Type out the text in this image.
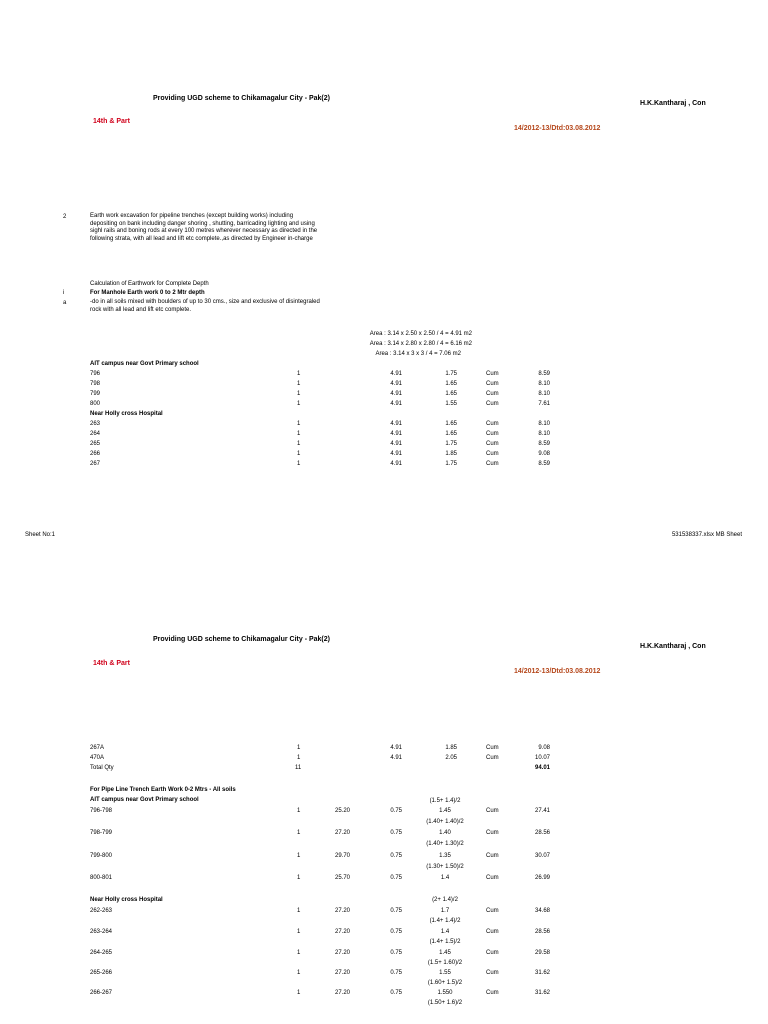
Providing UGD scheme to Chikamagalur City - Pak(2)
H.K.Kantharaj , Con
14th & Part
14/2012-13/Dtd:03.08.2012
2	Earth work excavation for pipeline trenches (except building works) including depositing on bank including danger shoring , shutting, barricading lighting and using sighl rails and boning rods at every 100 metres wherever necessary as directed in the following strata, with all lead and lift etc complete.,as directed by Engineer in-charge
Calculation of Earthwork for Complete Depth
i	For Manhole Earth work 0 to 2 Mtr depth
a	-do in all soils mixed with boulders of up to 30 cms., size and exclusive of disintegraled rock with all lead and lift etc complete.
Area : 3.14 x 2.50 x 2.50 / 4 = 4.91 m2
Area : 3.14 x 2.80 x 2.80 / 4 = 6.16 m2
Area : 3.14 x 3 x 3 / 4 = 7.06 m2
AIT campus near Govt Primary school
796	1	4.91	1.75	Cum	8.59
798	1	4.91	1.65	Cum	8.10
799	1	4.91	1.65	Cum	8.10
800	1	4.91	1.55	Cum	7.61
Near Holly cross Hospital
263	1	4.91	1.65	Cum	8.10
264	1	4.91	1.65	Cum	8.10
265	1	4.91	1.75	Cum	8.59
266	1	4.91	1.85	Cum	9.08
267	1	4.91	1.75	Cum	8.59
Sheet No:1	531538337.xlsx MB Sheet
Providing UGD scheme to Chikamagalur City - Pak(2)
H.K.Kantharaj , Con
14th & Part
14/2012-13/Dtd:03.08.2012
267A	1	4.91	1.85	Cum	9.08
470A	1	4.91	2.05	Cum	10.07
Total Qty	11	94.01
For Pipe Line Trench Earth Work 0-2 Mtrs - All soils
AIT campus near Govt Primary school	(1.5+ 1.4)/2
796-798	1	25.20	0.75	1.45	Cum	27.41
(1.40+ 1.40)/2
798-799	1	27.20	0.75	1.40	Cum	28.56
(1.40+ 1.30)/2
799-800	1	29.70	0.75	1.35	Cum	30.07
(1.30+ 1.50)/2
800-801	1	25.70	0.75	1.4	Cum	26.99
Near Holly cross Hospital	(2+ 1.4)/2
262-263	1	27.20	0.75	1.7	Cum	34.68
(1.4+ 1.4)/2
263-264	1	27.20	0.75	1.4	Cum	28.56
(1.4+ 1.5)/2
264-265	1	27.20	0.75	1.45	Cum	29.58
(1.5+ 1.60)/2
265-266	1	27.20	0.75	1.55	Cum	31.62
(1.60+ 1.5)/2
266-267	1	27.20	0.75	1.550	Cum	31.62
(1.50+ 1.6)/2
